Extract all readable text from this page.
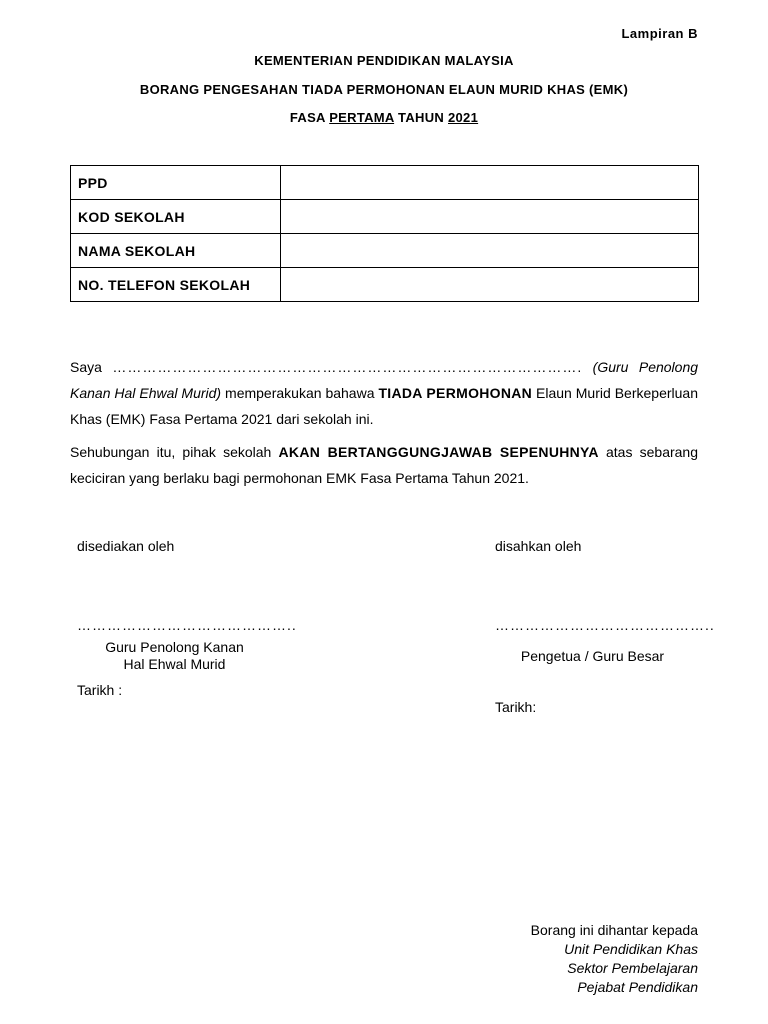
Lampiran B
KEMENTERIAN PENDIDIKAN MALAYSIA
BORANG PENGESAHAN TIADA PERMOHONAN ELAUN MURID KHAS (EMK)
FASA PERTAMA TAHUN 2021
PPD	
KOD SEKOLAH	
NAMA SEKOLAH	
NO. TELEFON SEKOLAH	
Saya …………………………………………………………………………………. (Guru Penolong Kanan Hal Ehwal Murid) memperakukan bahawa TIADA PERMOHONAN Elaun Murid Berkeperluan Khas (EMK) Fasa Pertama 2021 dari sekolah ini.
Sehubungan itu, pihak sekolah AKAN BERTANGGUNGJAWAB SEPENUHNYA atas sebarang keciciran yang berlaku bagi permohonan EMK Fasa Pertama Tahun 2021.
disediakan oleh
……………………………………..
Guru Penolong Kanan
Hal Ehwal Murid
Tarikh :
disahkan oleh
……………………………………..
Pengetua / Guru Besar
Tarikh:
Borang ini dihantar kepada
Unit Pendidikan Khas
Sektor Pembelajaran
Pejabat Pendidikan
